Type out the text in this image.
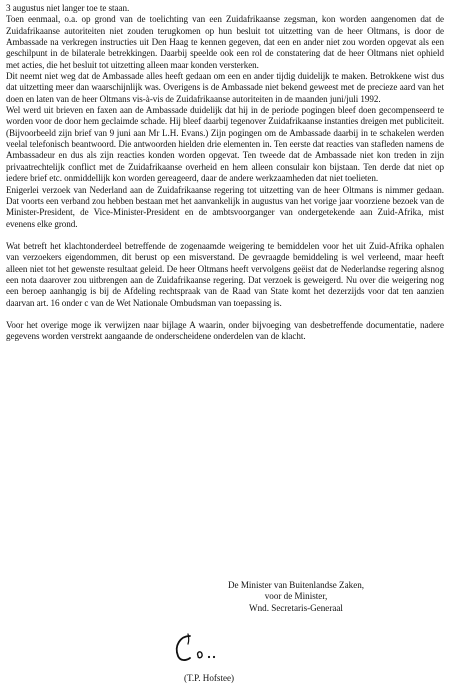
3 augustus niet langer toe te staan.

Toen eenmaal, o.a. op grond van de toelichting van een Zuidafrikaanse zegsman, kon worden aangenomen dat de Zuidafrikaanse autoriteiten niet zouden terugkomen op hun besluit tot uitzetting van de heer Oltmans, is door de Ambassade na verkregen instructies uit Den Haag te kennen gegeven, dat een en ander niet zou worden opgevat als een geschilpunt in de bilaterale betrekkingen. Daarbij speelde ook een rol de constatering dat de heer Oltmans niet ophield met acties, die het besluit tot uitzetting alleen maar konden versterken.

Dit neemt niet weg dat de Ambassade alles heeft gedaan om een en ander tijdig duidelijk te maken. Betrokkene wist dus dat uitzetting meer dan waarschijnlijk was. Overigens is de Ambassade niet bekend geweest met de precieze aard van het doen en laten van de heer Oltmans vis-à-vis de Zuidafrikaanse autoriteiten in de maanden juni/juli 1992.

Wel werd uit brieven en faxen aan de Ambassade duidelijk dat hij in de periode pogingen bleef doen gecompenseerd te worden voor de door hem geclaimde schade. Hij bleef daarbij tegenover Zuidafrikaanse instanties dreigen met publiciteit. (Bijvoorbeeld zijn brief van 9 juni aan Mr L.H. Evans.) Zijn pogingen om de Ambassade daarbij in te schakelen werden veelal telefonisch beantwoord. Die antwoorden hielden drie elementen in. Ten eerste dat reacties van stafleden namens de Ambassadeur en dus als zijn reacties konden worden opgevat. Ten tweede dat de Ambassade niet kon treden in zijn privaatrechtelijk conflict met de Zuidafrikaanse overheid en hem alleen consulair kon bijstaan. Ten derde dat niet op iedere brief etc. onmiddellijk kon worden gereageerd, daar de andere werkzaamheden dat niet toelieten.

Enigerlei verzoek van Nederland aan de Zuidafrikaanse regering tot uitzetting van de heer Oltmans is nimmer gedaan. Dat voorts een verband zou hebben bestaan met het aanvankelijk in augustus van het vorige jaar voorziene bezoek van de Minister-President, de Vice-Minister-President en de ambtsvoorganger van ondergetekende aan Zuid-Afrika, mist evenens elke grond.

Wat betreft het klachtonderdeel betreffende de zogenaamde weigering te bemiddelen voor het uit Zuid-Afrika ophalen van verzoekers eigendommen, dit berust op een misverstand. De gevraagde bemiddeling is wel verleend, maar heeft alleen niet tot het gewenste resultaat geleid. De heer Oltmans heeft vervolgens geëist dat de Nederlandse regering alsnog een nota daarover zou uitbrengen aan de Zuidafrikaanse regering. Dat verzoek is geweigerd. Nu over die weigering nog een beroep aanhangig is bij de Afdeling rechtspraak van de Raad van State komt het dezerzijds voor dat ten aanzien daarvan art. 16 onder c van de Wet Nationale Ombudsman van toepassing is.

Voor het overige moge ik verwijzen naar bijlage A waarin, onder bijvoeging van desbetreffende documentatie, nadere gegevens worden verstrekt aangaande de onderscheidene onderdelen van de klacht.

De Minister van Buitenlandse Zaken,
voor de Minister,
Wnd. Secretaris-Generaal
(T.P. Hofstee)
